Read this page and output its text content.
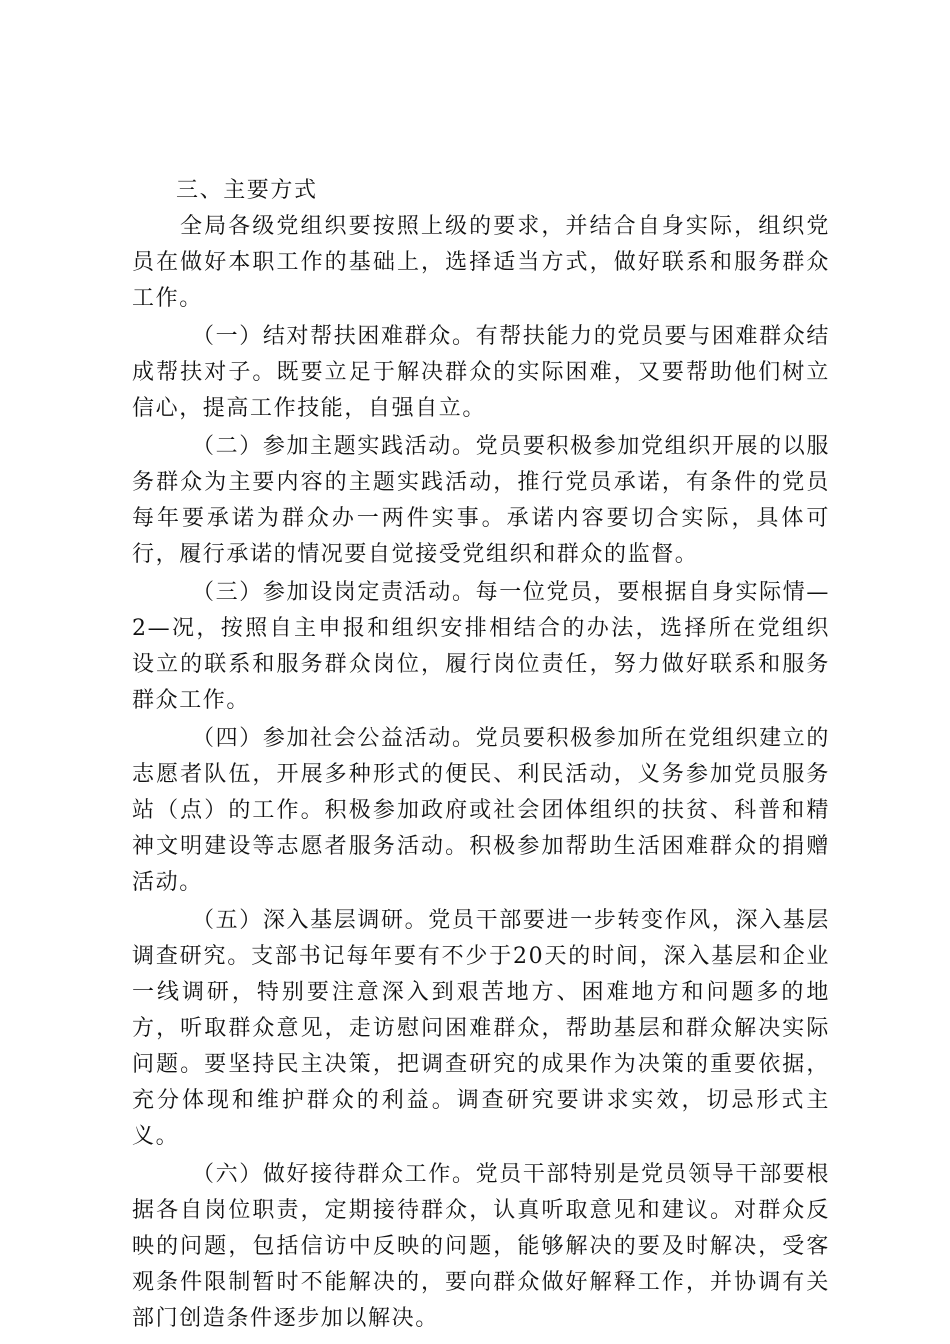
三、主要方式

全局各级党组织要按照上级的要求，并结合自身实际，组织党员在做好本职工作的基础上，选择适当方式，做好联系和服务群众工作。

（一）结对帮扶困难群众。有帮扶能力的党员要与困难群众结成帮扶对子。既要立足于解决群众的实际困难，又要帮助他们树立信心，提高工作技能，自强自立。

（二）参加主题实践活动。党员要积极参加党组织开展的以服务群众为主要内容的主题实践活动，推行党员承诺，有条件的党员每年要承诺为群众办一两件实事。承诺内容要切合实际，具体可行，履行承诺的情况要自觉接受党组织和群众的监督。

（三）参加设岗定责活动。每一位党员，要根据自身实际情—2—况，按照自主申报和组织安排相结合的办法，选择所在党组织设立的联系和服务群众岗位，履行岗位责任，努力做好联系和服务群众工作。

（四）参加社会公益活动。党员要积极参加所在党组织建立的志愿者队伍，开展多种形式的便民、利民活动，义务参加党员服务站（点）的工作。积极参加政府或社会团体组织的扶贫、科普和精神文明建设等志愿者服务活动。积极参加帮助生活困难群众的捐赠活动。

（五）深入基层调研。党员干部要进一步转变作风，深入基层调查研究。支部书记每年要有不少于20天的时间，深入基层和企业一线调研，特别要注意深入到艰苦地方、困难地方和问题多的地方，听取群众意见，走访慰问困难群众，帮助基层和群众解决实际问题。要坚持民主决策，把调查研究的成果作为决策的重要依据，充分体现和维护群众的利益。调查研究要讲求实效，切忌形式主义。

（六）做好接待群众工作。党员干部特别是党员领导干部要根据各自岗位职责，定期接待群众，认真听取意见和建议。对群众反映的问题，包括信访中反映的问题，能够解决的要及时解决，受客观条件限制暂时不能解决的，要向群众做好解释工作，并协调有关部门创造条件逐步加以解决。
